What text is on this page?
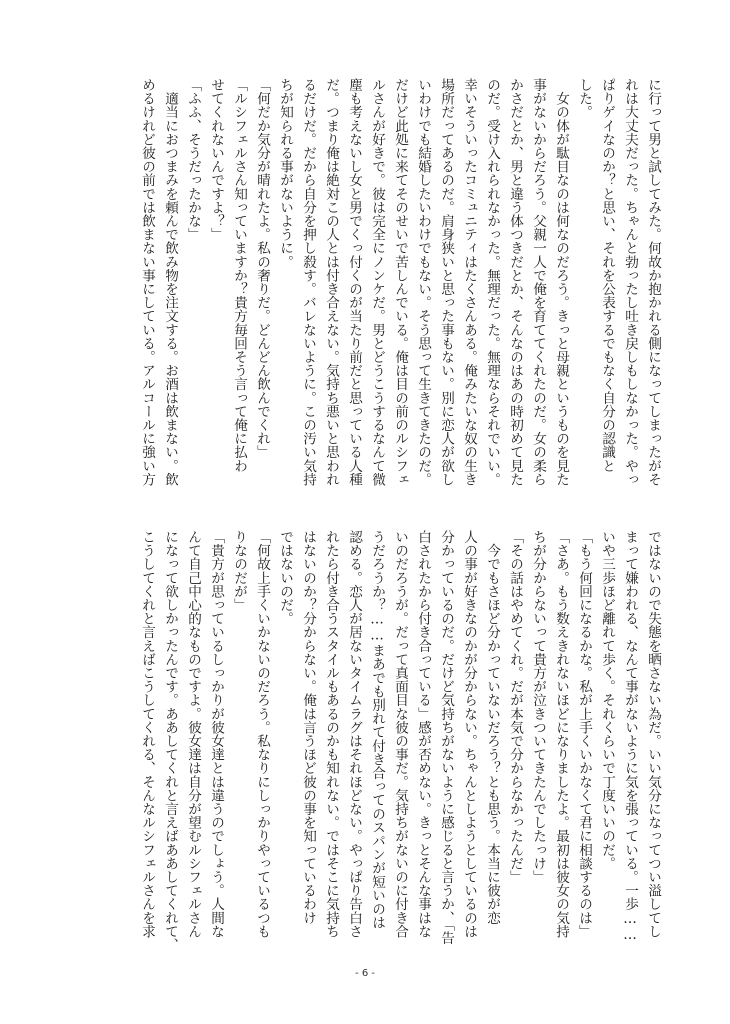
に行って男と試してみた。何故か抱かれる側になってしまったがそ
れは大丈夫だった。ちゃんと勃ったし吐き戻しもしなかった。やっ
ぱりゲイなのか？と思い、それを公表するでもなく自分の認識と
した。
　女の体が駄目なのは何なのだろう。きっと母親というものを見た
事がないからだろう。父親一人で俺を育ててくれたのだ。女の柔ら
かさだとか、男と違う体つきだとか、そんなのはあの時初めて見た
のだ。受け入れられなかった。無理だった。無理ならそれでいい。
幸いそういったコミュニティはたくさんある。俺みたいな奴の生き
場所だってあるのだ。肩身狭いと思った事もない。別に恋人が欲し
いわけでも結婚したいわけでもない。そう思って生きてきたのだ。
だけど此処に来てそのせいで苦しんでいる。俺は目の前のルシフェ
ルさんが好きで。彼は完全にノンケだ。男とどうこうするなんて微
塵も考えないし女と男でくっ付くのが当たり前だと思っている人種
だ。つまり俺は絶対この人とは付き合えない。気持ち悪いと思われ
るだけだ。だから自分を押し殺す。バレないように。この汚い気持
ちが知られる事がないように。
「何だか気分が晴れたよ。私の奢りだ。どんどん飲んでくれ」
「ルシフェルさん知っていますか？貴方毎回そう言って俺に払わ
せてくれないんですよ？」
「ふふ、そうだったかな」
　適当におつまみを頼んで飲み物を注文する。お酒は飲まない。飲
めるけれど彼の前では飲まない事にしている。アルコールに強い方
ではないので失態を晒さない為だ。いい気分になってつい溢してし
まって嫌われる、なんて事がないように気を張っている。一歩……
いや三歩ほど離れて歩く。それくらいで丁度いいのだ。
「もう何回になるかな。私が上手くいかなくて君に相談するのは」
「さあ。もう数えきれないほどになりましたよ。最初は彼女の気持
ちが分からないって貴方が泣きついてきたんでしたっけ」
「その話はやめてくれ。だが本気で分からなかったんだ」
　今でもさほど分かっていないだろう？とも思う。本当に彼が恋
人の事が好きなのかが分からない。ちゃんとしようとしているのは
分かっているのだ。だけど気持ちがないように感じると言うか、「告
白されたから付き合っている」感が否めない。きっとそんな事はな
いのだろうが。だって真面目な彼の事だ。気持ちがないのに付き合
うだろうか？……まあでも別れて付き合ってのスパンが短いのは
認める。恋人が居ないタイムラグはそれほどない。やっぱり告白さ
れたら付き合うスタイルもあるのかも知れない。ではそこに気持ち
はないのか？分からない。俺は言うほど彼の事を知っているわけ
ではないのだ。
「何故上手くいかないのだろう。私なりにしっかりやっているつも
りなのだが」
「貴方が思っているしっかりが彼女達とは違うのでしょう。人間な
んて自己中心的なものですよ。彼女達は自分が望むルシフェルさん
になって欲しかったんです。ああしてくれと言えばああしてくれて、
こうしてくれと言えばこうしてくれる、そんなルシフェルさんを求
- 6 -
